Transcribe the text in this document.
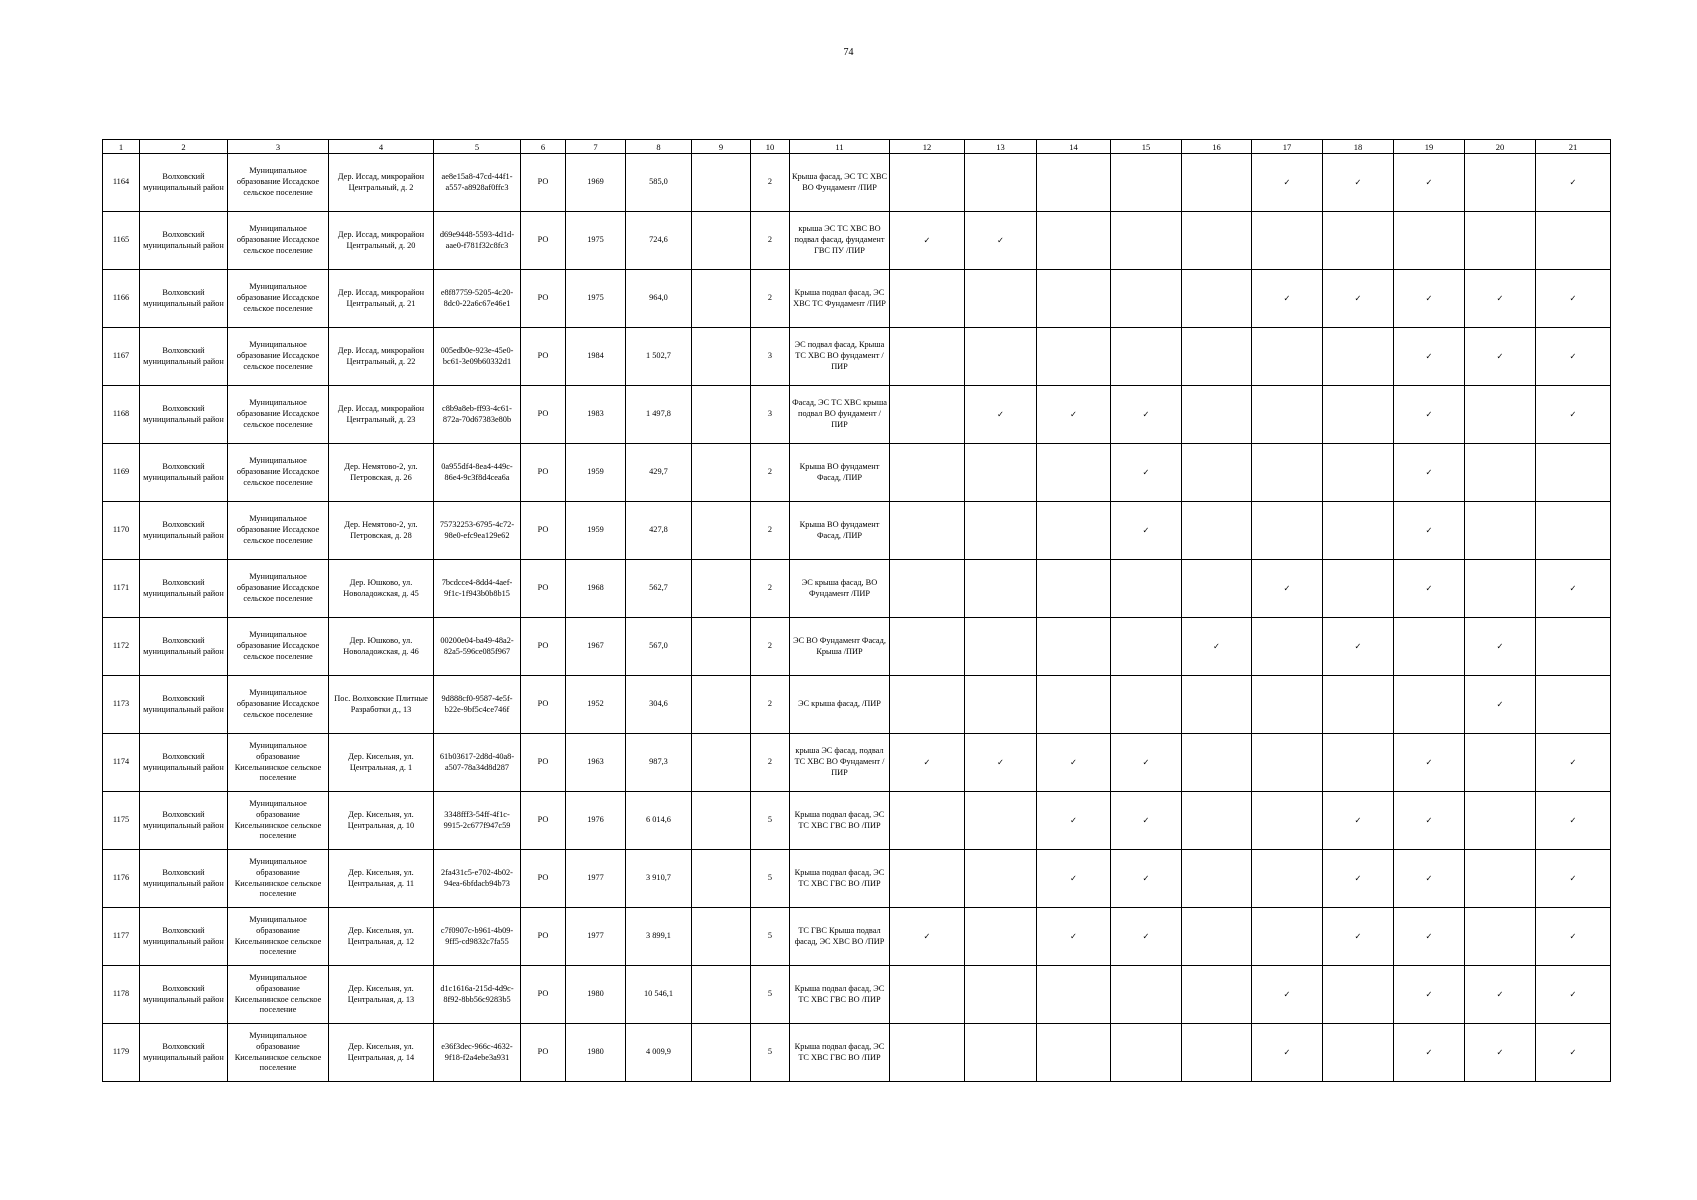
74
1	2	3	4	5	6	7	8	9	10	11	12	13	14	15	16	17	18	19	20	21
1164	Волховский муниципальный район	Муниципальное образование Иссадское сельское поселение	Дер. Иссад, микрорайон Центральный, д. 2	ae8e15a8-47cd-44f1-a557-a8928af0ffc3	РО	1969	585,0		2	Крыша фасад, ЭС ТС ХВС ВО Фундамент /ПИР						✓	✓	✓		✓
1165	Волховский муниципальный район	Муниципальное образование Иссадское сельское поселение	Дер. Иссад, микрорайон Центральный, д. 20	d69e9448-5593-4d1d-aae0-f781f32c8fc3	РО	1975	724,6		2	крыша ЭС ТС ХВС ВО подвал фасад, фундамент ГВС ПУ /ПИР	✓	✓								
1166	Волховский муниципальный район	Муниципальное образование Иссадское сельское поселение	Дер. Иссад, микрорайон Центральный, д. 21	e8f87759-5205-4c20-8dc0-22a6c67e46e1	РО	1975	964,0		2	Крыша подвал фасад, ЭС ХВС ТС Фундамент /ПИР						✓	✓	✓	✓	✓
1167	Волховский муниципальный район	Муниципальное образование Иссадское сельское поселение	Дер. Иссад, микрорайон Центральный, д. 22	005edb0e-923e-45e0-bc61-3e09b60332d1	РО	1984	1 502,7		3	ЭС подвал фасад, Крыша ТС ХВС ВО фундамент /ПИР								✓	✓	✓
1168	Волховский муниципальный район	Муниципальное образование Иссадское сельское поселение	Дер. Иссад, микрорайон Центральный, д. 23	c8b9a8eb-ff93-4c61-872a-70d67383e80b	РО	1983	1 497,8		3	Фасад, ЭС ТС ХВС крыша подвал ВО фундамент /ПИР		✓	✓	✓				✓		✓
1169	Волховский муниципальный район	Муниципальное образование Иссадское сельское поселение	Дер. Немятово-2, ул. Петровская, д. 26	0a955df4-8ea4-449c-86e4-9c3f8d4cea6a	РО	1959	429,7		2	Крыша ВО фундамент Фасад, /ПИР				✓				✓		
1170	Волховский муниципальный район	Муниципальное образование Иссадское сельское поселение	Дер. Немятово-2, ул. Петровская, д. 28	75732253-6795-4c72-98e0-efc9ea129e62	РО	1959	427,8		2	Крыша ВО фундамент Фасад, /ПИР				✓				✓		
1171	Волховский муниципальный район	Муниципальное образование Иссадское сельское поселение	Дер. Юшково, ул. Новоладожская, д. 45	7bcdcce4-8dd4-4aef-9f1c-1f943b0b8b15	РО	1968	562,7		2	ЭС крыша фасад, ВО Фундамент /ПИР						✓		✓		✓
1172	Волховский муниципальный район	Муниципальное образование Иссадское сельское поселение	Дер. Юшково, ул. Новоладожская, д. 46	00200e04-ba49-48a2-82a5-596ce085f967	РО	1967	567,0		2	ЭС ВО Фундамент Фасад, Крыша /ПИР					✓		✓		✓	
1173	Волховский муниципальный район	Муниципальное образование Иссадское сельское поселение	Пос. Волховские Плитные Разработки д., 13	9d888cf0-9587-4e5f-b22e-9bf5c4ce746f	РО	1952	304,6		2	ЭС крыша фасад, /ПИР									✓	
1174	Волховский муниципальный район	Муниципальное образование Кисельнинское сельское поселение	Дер. Кисельня, ул. Центральная, д. 1	61b03617-2d8d-40a8-a507-78a34d8d287	РО	1963	987,3		2	крыша ЭС фасад, подвал ТС ХВС ВО Фундамент /ПИР	✓	✓	✓	✓				✓		✓
1175	Волховский муниципальный район	Муниципальное образование Кисельнинское сельское поселение	Дер. Кисельня, ул. Центральная, д. 10	3348fff3-54ff-4f1c-9915-2c677f947c59	РО	1976	6 014,6		5	Крыша подвал фасад, ЭС ТС ХВС ГВС ВО /ПИР			✓	✓			✓	✓		✓
1176	Волховский муниципальный район	Муниципальное образование Кисельнинское сельское поселение	Дер. Кисельня, ул. Центральная, д. 11	2fa431c5-e702-4b02-94ea-6bfdacb94b73	РО	1977	3 910,7		5	Крыша подвал фасад, ЭС ТС ХВС ГВС ВО /ПИР			✓	✓			✓	✓		✓
1177	Волховский муниципальный район	Муниципальное образование Кисельнинское сельское поселение	Дер. Кисельня, ул. Центральная, д. 12	c7f0907c-b961-4b09-9ff5-cd9832c7fa55	РО	1977	3 899,1		5	ТС ГВС Крыша подвал фасад, ЭС ХВС ВО /ПИР	✓		✓	✓			✓	✓		✓
1178	Волховский муниципальный район	Муниципальное образование Кисельнинское сельское поселение	Дер. Кисельня, ул. Центральная, д. 13	d1c1616a-215d-4d9c-8f92-8bb56c9283b5	РО	1980	10 546,1		5	Крыша подвал фасад, ЭС ТС ХВС ГВС ВО /ПИР						✓		✓	✓	✓
1179	Волховский муниципальный район	Муниципальное образование Кисельнинское сельское поселение	Дер. Кисельня, ул. Центральная, д. 14	e36f3dec-966c-4632-9f18-f2a4ebe3a931	РО	1980	4 009,9		5	Крыша подвал фасад, ЭС ТС ХВС ГВС ВО /ПИР						✓		✓	✓	✓
